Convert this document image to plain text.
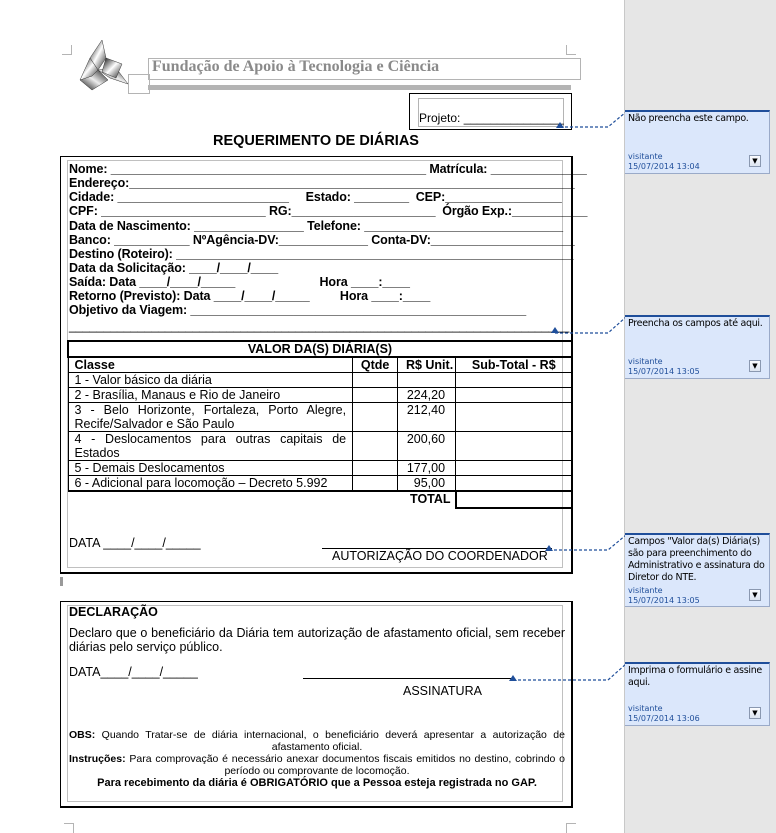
Fundação de Apoio à Tecnologia e Ciência
Projeto: _______________
REQUERIMENTO DE DIÁRIAS
Nome: ______________________________________________ Matrícula: ______________
Endereço:_________________________________________________________________
Cidade: _________________________     Estado: ________  CEP:_________________
CPF: ________________________ RG:_____________________  Órgão Exp.:___________
Data de Nascimento: ________________ Telefone: _____________________________
Banco: ___________ NºAgência-DV:_____________ Conta-DV:_____________________
Destino (Roteiro): __________________________________________________________
Data da Solicitação: ____/____/____
Saída: Data ____/____/_____                         Hora ____:____
Retorno (Previsto): Data ____/____/_____         Hora ____:____
Objetivo da Viagem: _________________________________________________
_________________________________________________________________________
VALOR DA(S) DIÁRIA(S)			
Classe	Qtde	R$ Unit.	Sub-Total - R$
1 - Valor básico da diária			
2 - Brasília, Manaus e Rio de Janeiro		224,20	
3 - Belo Horizonte, Fortaleza, Porto Alegre, Recife/Salvador e São Paulo		212,40	
4 - Deslocamentos para outras capitais de Estados		200,60	
5 - Demais Deslocamentos		177,00	
6 - Adicional para locomoção – Decreto 5.992		95,00	
TOTAL			
DATA ____/____/_____
AUTORIZAÇÃO DO COORDENADOR
DECLARAÇÃO
Declaro que o beneficiário da Diária tem autorização de afastamento oficial, sem receber diárias pelo serviço público.
DATA____/____/_____
ASSINATURA
OBS: Quando Tratar-se de diária internacional, o beneficiário deverá apresentar a autorização de afastamento oficial.
Instruções: Para comprovação é necessário anexar documentos fiscais emitidos no destino, cobrindo o período ou comprovante de locomoção.
Para recebimento da diária é OBRIGATÓRIO que a Pessoa esteja registrada no GAP.
Não preencha este campo.
visitante
15/07/2014 13:04
▼
Preencha os campos até aqui.
visitante
15/07/2014 13:05
▼
Campos "Valor da(s) Diária(s) são para preenchimento do Administrativo e assinatura do Diretor do NTE.
visitante
15/07/2014 13:05
▼
Imprima o formulário e assine aqui.
visitante
15/07/2014 13:06
▼
